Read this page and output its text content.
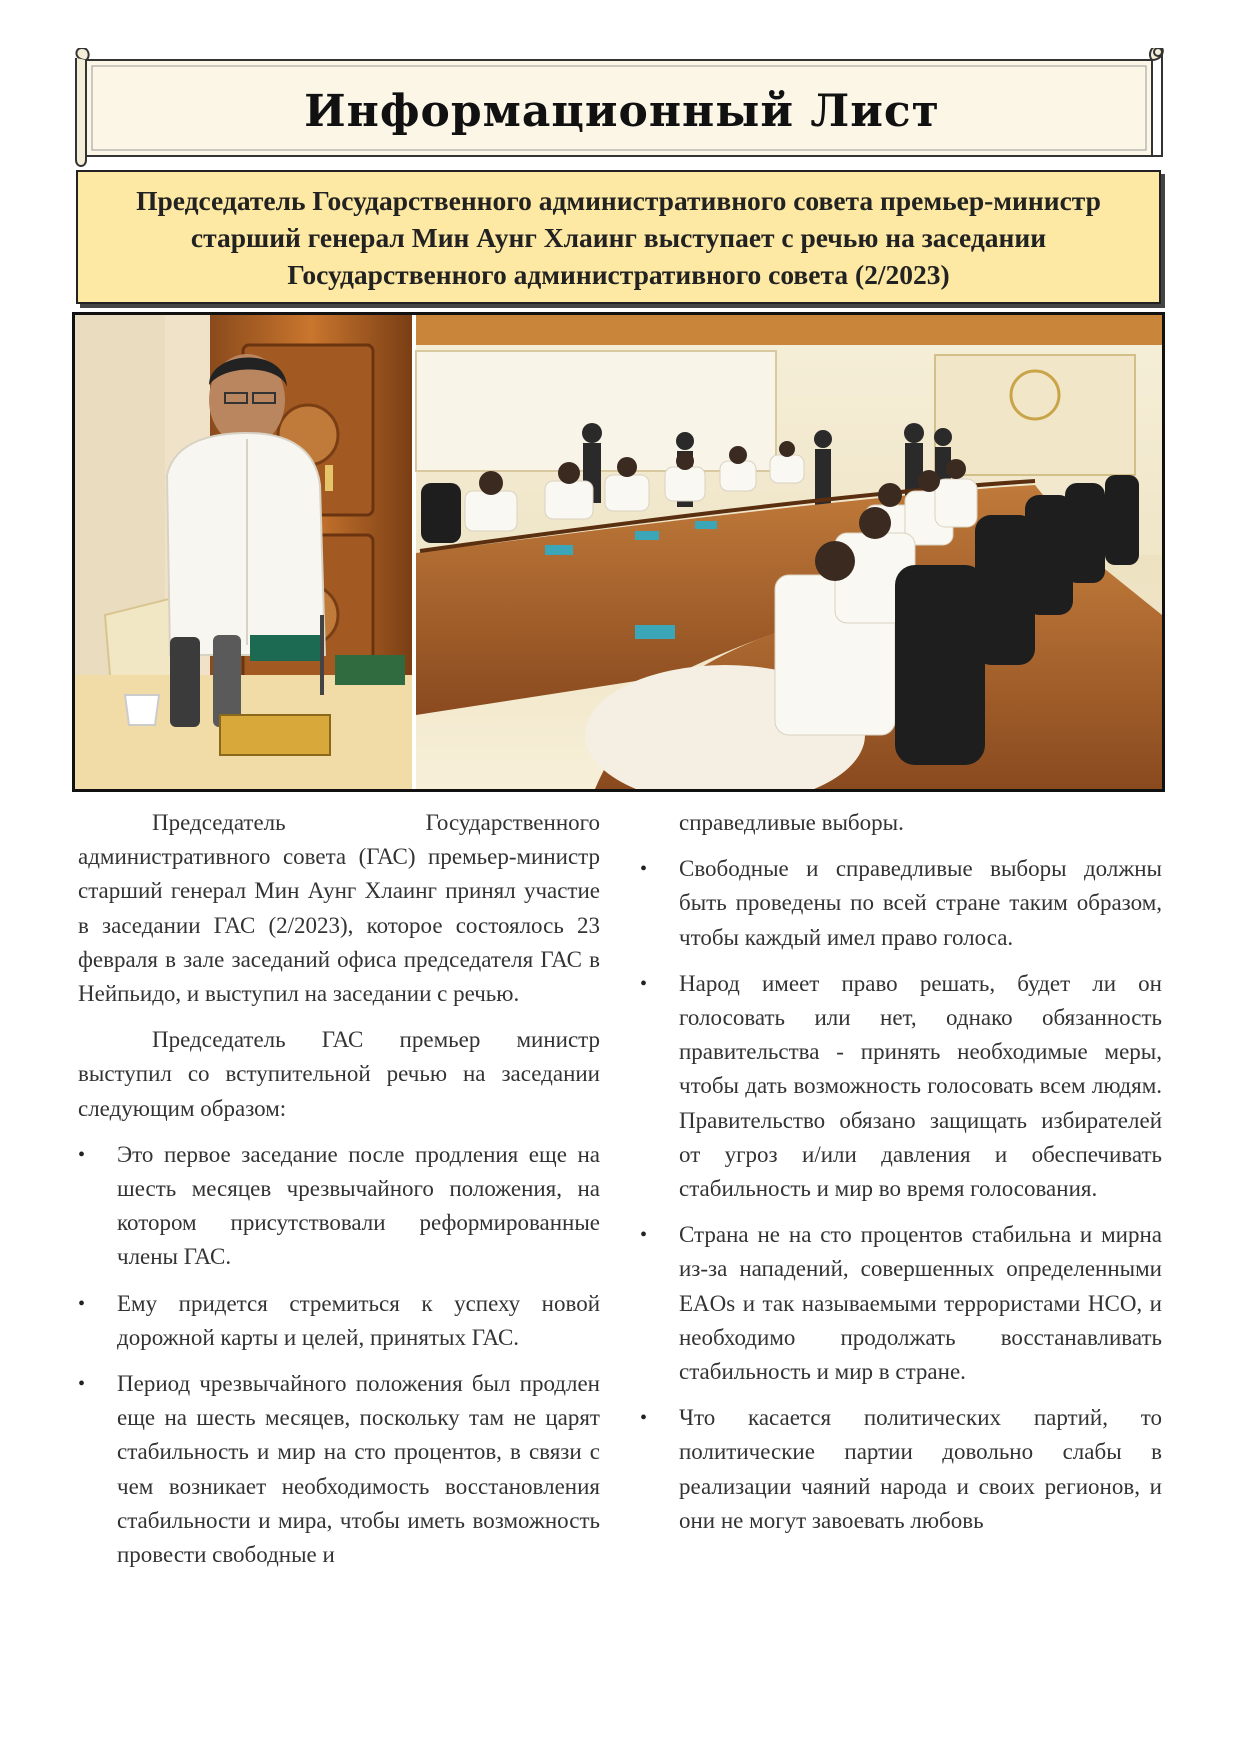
Информационный Лист

Председатель Государственного административного совета премьер-министр старший генерал Мин Аунг Хлаинг выступает с речью на заседании Государственного административного совета (2/2023)

Председатель Государственного административного совета (ГАС) премьер-министр старший генерал Мин Аунг Хлаинг принял участие в заседании ГАС (2/2023), которое состоялось 23 февраля в зале заседаний офиса председателя ГАС в Нейпьидо, и выступил на заседании с речью.

Председатель ГАС премьер министр выступил со вступительной речью на заседании следующим образом:

• Это первое заседание после продления еще на шесть месяцев чрезвычайного положения, на котором присутствовали реформированные члены ГАС.
• Ему придется стремиться к успеху новой дорожной карты и целей, принятых ГАС.
• Период чрезвычайного положения был продлен еще на шесть месяцев, поскольку там не царят стабильность и мир на сто процентов, в связи с чем возникает необходимость восстановления стабильности и мира, чтобы иметь возможность провести свободные и

справедливые выборы.

• Свободные и справедливые выборы должны быть проведены по всей стране таким образом, чтобы каждый имел право голоса.
• Народ имеет право решать, будет ли он голосовать или нет, однако обязанность правительства - принять необходимые меры, чтобы дать возможность голосовать всем людям. Правительство обязано защищать избирателей от угроз и/или давления и обеспечивать стабильность и мир во время голосования.
• Страна не на сто процентов стабильна и мирна из-за нападений, совершенных определенными EAOs и так называемыми террористами НСО, и необходимо продолжать восстанавливать стабильность и мир в стране.
• Что касается политических партий, то политические партии довольно слабы в реализации чаяний народа и своих регионов, и они не могут завоевать любовь
